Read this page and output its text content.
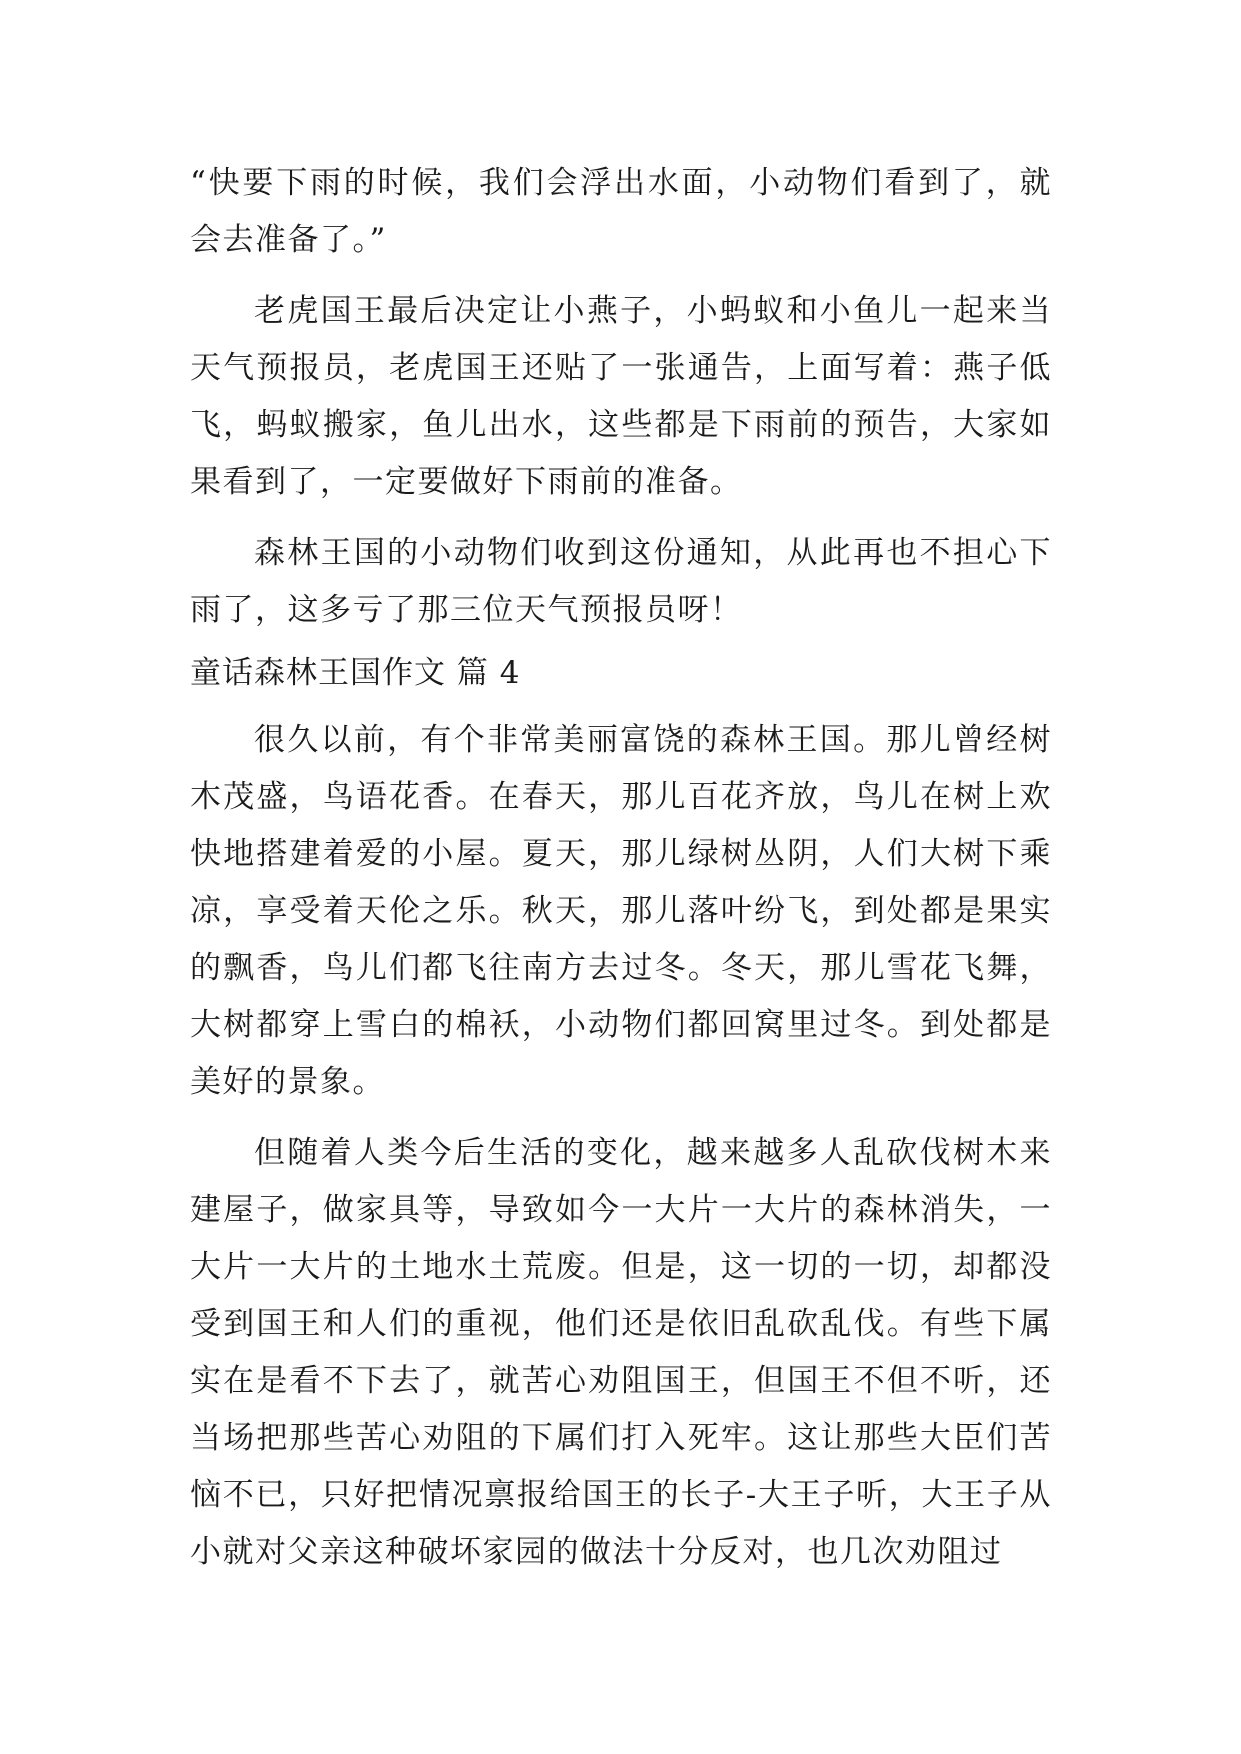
“快要下雨的时候，我们会浮出水面，小动物们看到了，就会去准备了。”

老虎国王最后决定让小燕子，小蚂蚁和小鱼儿一起来当天气预报员，老虎国王还贴了一张通告，上面写着：燕子低飞，蚂蚁搬家，鱼儿出水，这些都是下雨前的预告，大家如果看到了，一定要做好下雨前的准备。

森林王国的小动物们收到这份通知，从此再也不担心下雨了，这多亏了那三位天气预报员呀！

童话森林王国作文 篇 4

很久以前，有个非常美丽富饶的森林王国。那儿曾经树木茂盛，鸟语花香。在春天，那儿百花齐放，鸟儿在树上欢快地搭建着爱的小屋。夏天，那儿绿树丛阴，人们大树下乘凉，享受着天伦之乐。秋天，那儿落叶纷飞，到处都是果实的飘香，鸟儿们都飞往南方去过冬。冬天，那儿雪花飞舞，大树都穿上雪白的棉袄，小动物们都回窝里过冬。到处都是美好的景象。

但随着人类今后生活的变化，越来越多人乱砍伐树木来建屋子，做家具等，导致如今一大片一大片的森林消失，一大片一大片的土地水土荒废。但是，这一切的一切，却都没受到国王和人们的重视，他们还是依旧乱砍乱伐。有些下属实在是看不下去了，就苦心劝阻国王，但国王不但不听，还当场把那些苦心劝阻的下属们打入死牢。这让那些大臣们苦恼不已，只好把情况禀报给国王的长子-大王子听，大王子从小就对父亲这种破坏家园的做法十分反对，也几次劝阻过
